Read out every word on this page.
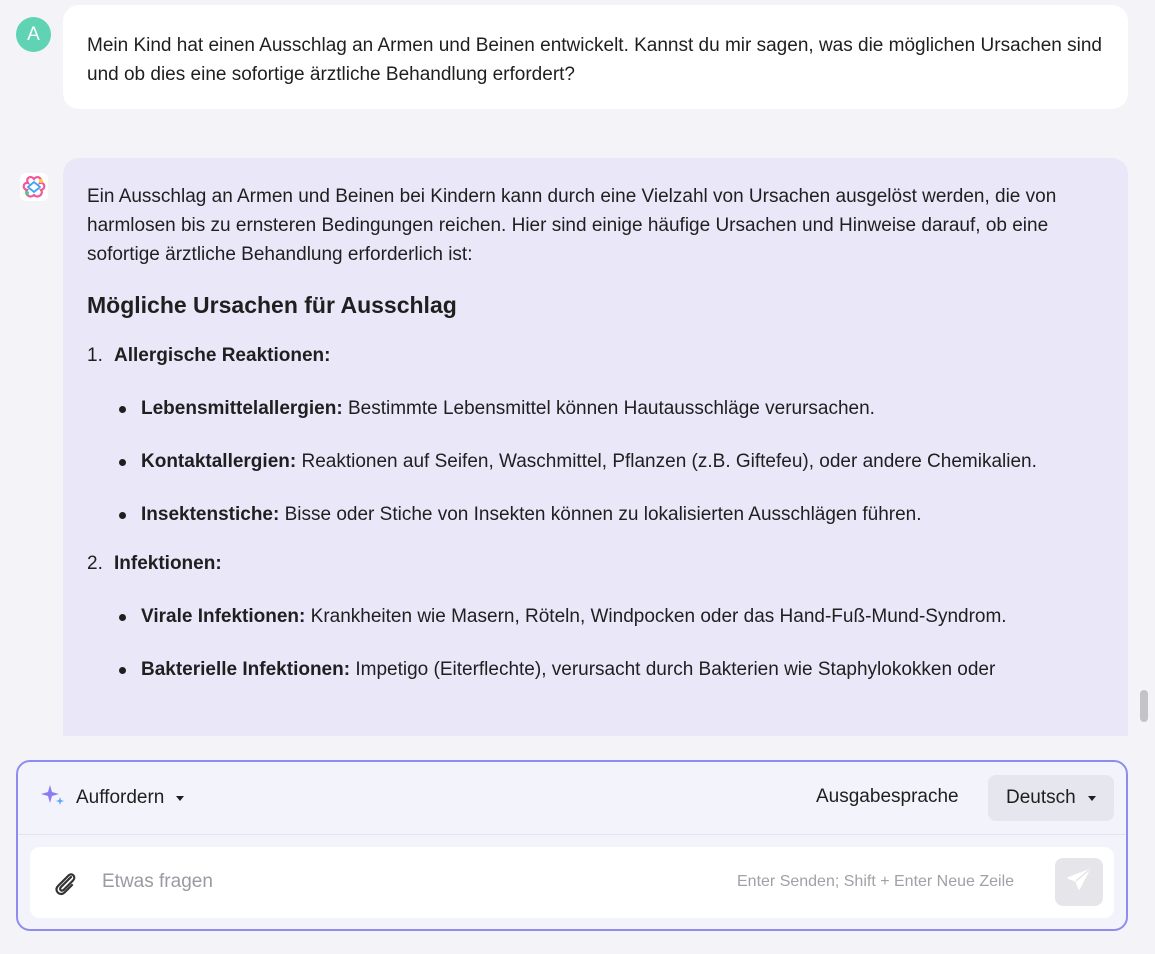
A
Mein Kind hat einen Ausschlag an Armen und Beinen entwickelt. Kannst du mir sagen, was die möglichen Ursachen sind und ob dies eine sofortige ärztliche Behandlung erfordert?

Ein Ausschlag an Armen und Beinen bei Kindern kann durch eine Vielzahl von Ursachen ausgelöst werden, die von harmlosen bis zu ernsteren Bedingungen reichen. Hier sind einige häufige Ursachen und Hinweise darauf, ob eine sofortige ärztliche Behandlung erforderlich ist:

Mögliche Ursachen für Ausschlag
1. Allergische Reaktionen:
Lebensmittelallergien: Bestimmte Lebensmittel können Hautausschläge verursachen.
Kontaktallergien: Reaktionen auf Seifen, Waschmittel, Pflanzen (z.B. Giftefeu), oder andere Chemikalien.
Insektenstiche: Bisse oder Stiche von Insekten können zu lokalisierten Ausschlägen führen.
2. Infektionen:
Virale Infektionen: Krankheiten wie Masern, Röteln, Windpocken oder das Hand-Fuß-Mund-Syndrom.
Bakterielle Infektionen: Impetigo (Eiterflechte), verursacht durch Bakterien wie Staphylokokken oder
Auffordern	Ausgabesprache Deutsch
Etwas fragen
Enter Senden; Shift + Enter Neue Zeile
